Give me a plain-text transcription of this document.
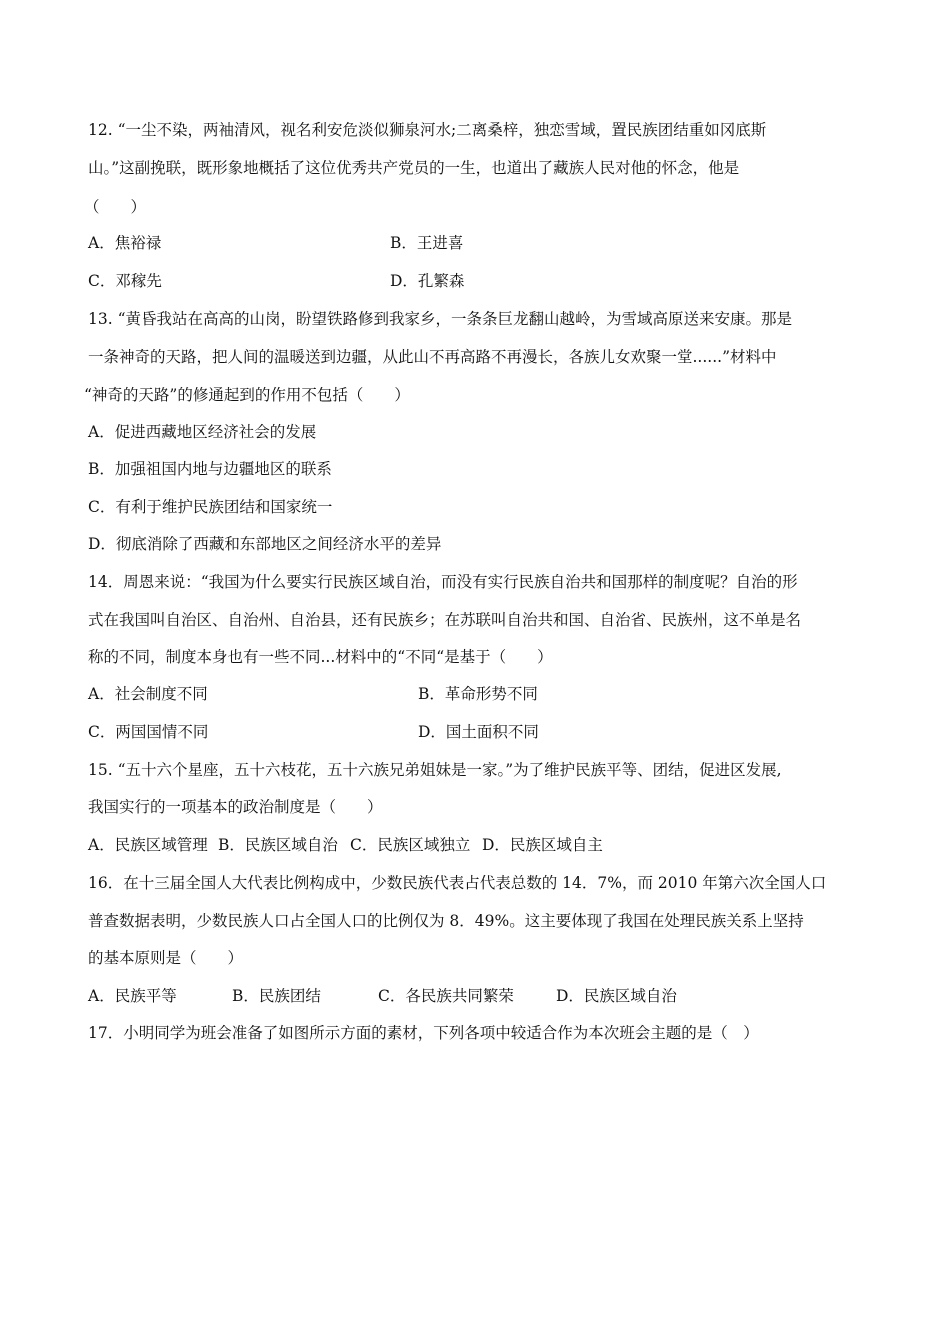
12. “一尘不染，两袖清风，视名利安危淡似狮泉河水;二离桑梓，独恋雪域，置民族团结重如冈底斯
山。”这副挽联，既形象地概括了这位优秀共产党员的一生，也道出了藏族人民对他的怀念，他是
（　　）
A．焦裕禄	B．王进喜
C．邓稼先	D．孔繁森
13. “黄昏我站在高高的山岗，盼望铁路修到我家乡，一条条巨龙翻山越岭，为雪域高原送来安康。那是
一条神奇的天路，把人间的温暖送到边疆，从此山不再高路不再漫长，各族儿女欢聚一堂......”材料中
“神奇的天路”的修通起到的作用不包括（　　）
A．促进西藏地区经济社会的发展
B．加强祖国内地与边疆地区的联系
C．有利于维护民族团结和国家统一
D．彻底消除了西藏和东部地区之间经济水平的差异
14．周恩来说：“我国为什么要实行民族区域自治，而没有实行民族自治共和国那样的制度呢？自治的形
式在我国叫自治区、自治州、自治县，还有民族乡；在苏联叫自治共和国、自治省、民族州，这不单是名
称的不同，制度本身也有一些不同...材料中的“不同“是基于（　　）
A．社会制度不同	B．革命形势不同
C．两国国情不同	D．国土面积不同
15. “五十六个星座，五十六枝花，五十六族兄弟姐妹是一家。”为了维护民族平等、团结，促进区发展,
我国实行的一项基本的政治制度是（　　）
A．民族区域管理 B．民族区域自治 C．民族区域独立 D．民族区域自主
16．在十三届全国人大代表比例构成中，少数民族代表占代表总数的 14．7%，而 2010 年第六次全国人口
普查数据表明，少数民族人口占全国人口的比例仅为 8．49%。这主要体现了我国在处理民族关系上坚持
的基本原则是（　　）
A．民族平等	B．民族团结	C．各民族共同繁荣	D．民族区域自治
17．小明同学为班会准备了如图所示方面的素材，下列各项中较适合作为本次班会主题的是（　）
